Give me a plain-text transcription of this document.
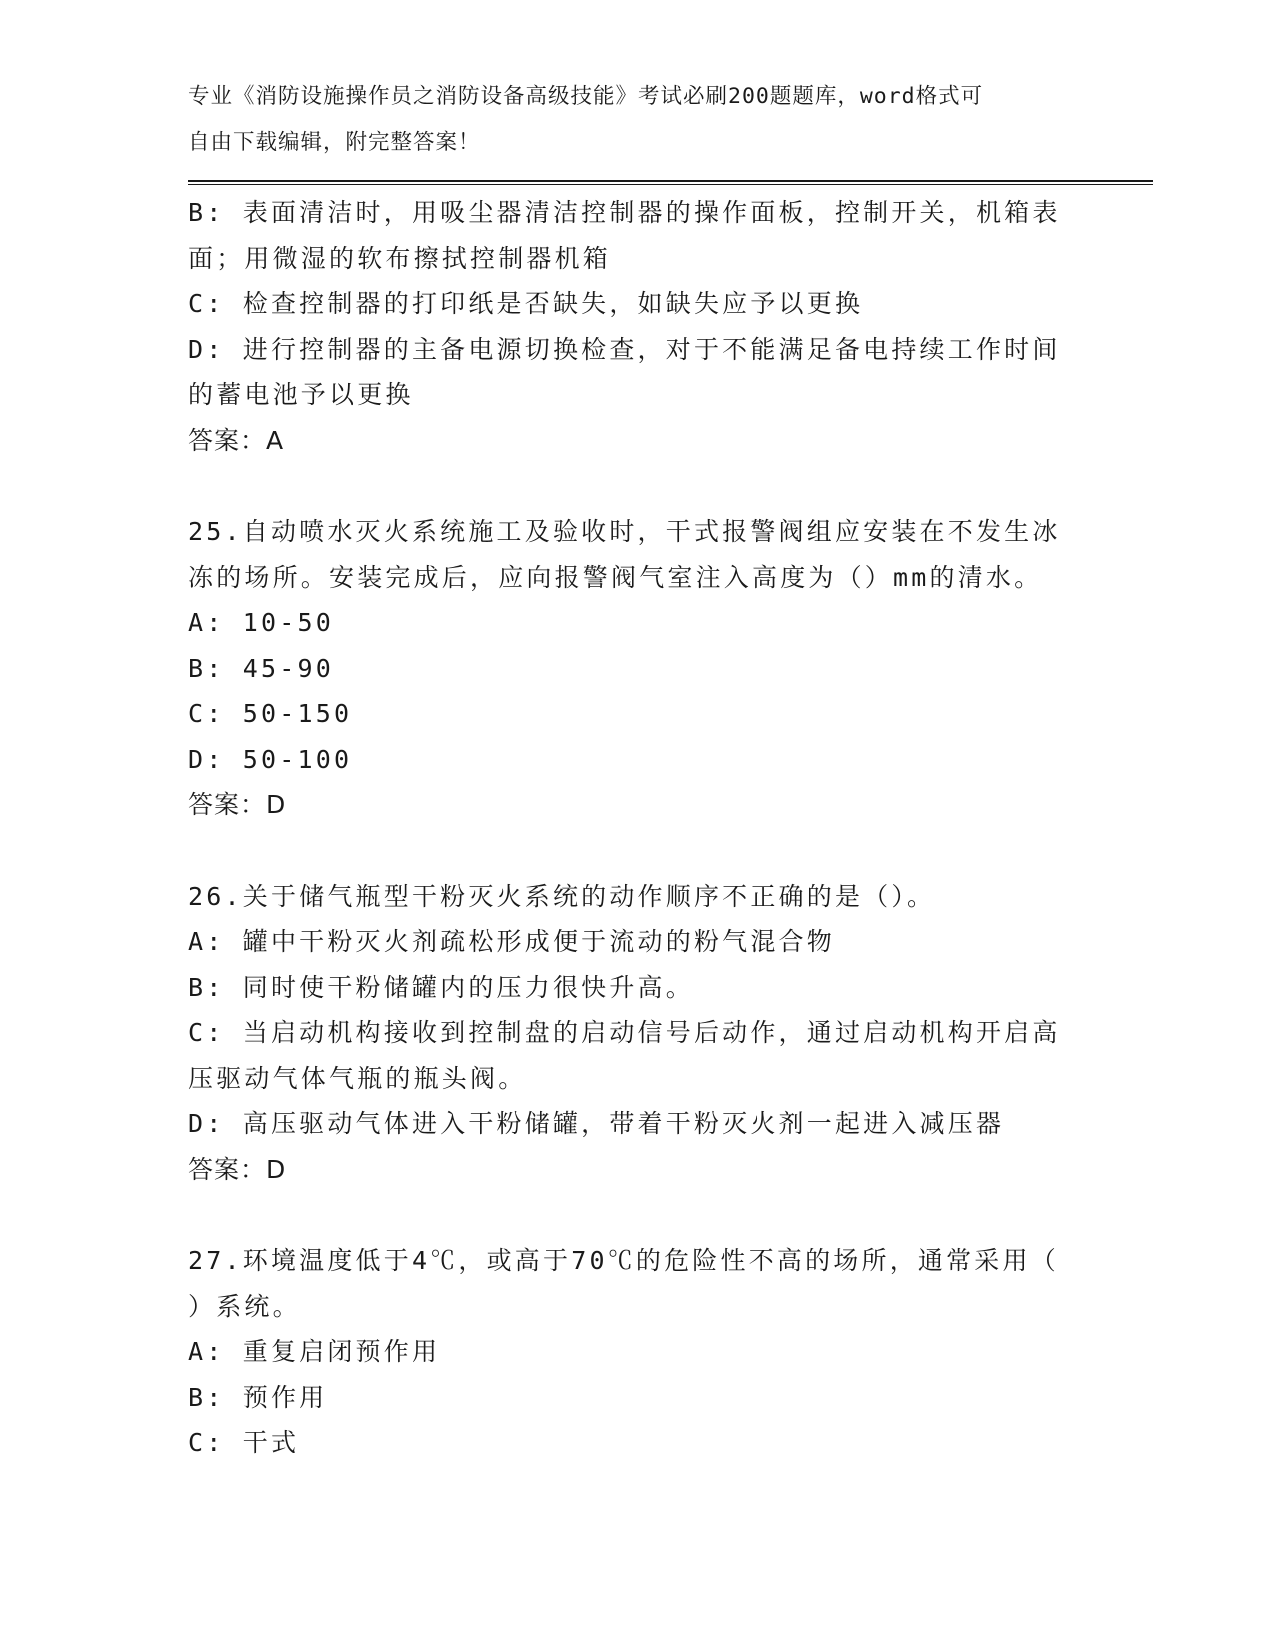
专业《消防设施操作员之消防设备高级技能》考试必刷200题题库，word格式可
自由下载编辑，附完整答案！
B: 表面清洁时，用吸尘器清洁控制器的操作面板，控制开关，机箱表
面；用微湿的软布擦拭控制器机箱
C: 检查控制器的打印纸是否缺失，如缺失应予以更换
D: 进行控制器的主备电源切换检查，对于不能满足备电持续工作时间
的蓄电池予以更换
答案：A
25.自动喷水灭火系统施工及验收时，干式报警阀组应安装在不发生冰
冻的场所。安装完成后，应向报警阀气室注入高度为（）mm的清水。
A: 10-50
B: 45-90
C: 50-150
D: 50-100
答案：D
26.关于储气瓶型干粉灭火系统的动作顺序不正确的是（）。
A: 罐中干粉灭火剂疏松形成便于流动的粉气混合物
B: 同时使干粉储罐内的压力很快升高。
C: 当启动机构接收到控制盘的启动信号后动作，通过启动机构开启高
压驱动气体气瓶的瓶头阀。
D: 高压驱动气体进入干粉储罐，带着干粉灭火剂一起进入减压器
答案：D
27.环境温度低于4℃，或高于70℃的危险性不高的场所，通常采用（
）系统。
A: 重复启闭预作用
B: 预作用
C: 干式
